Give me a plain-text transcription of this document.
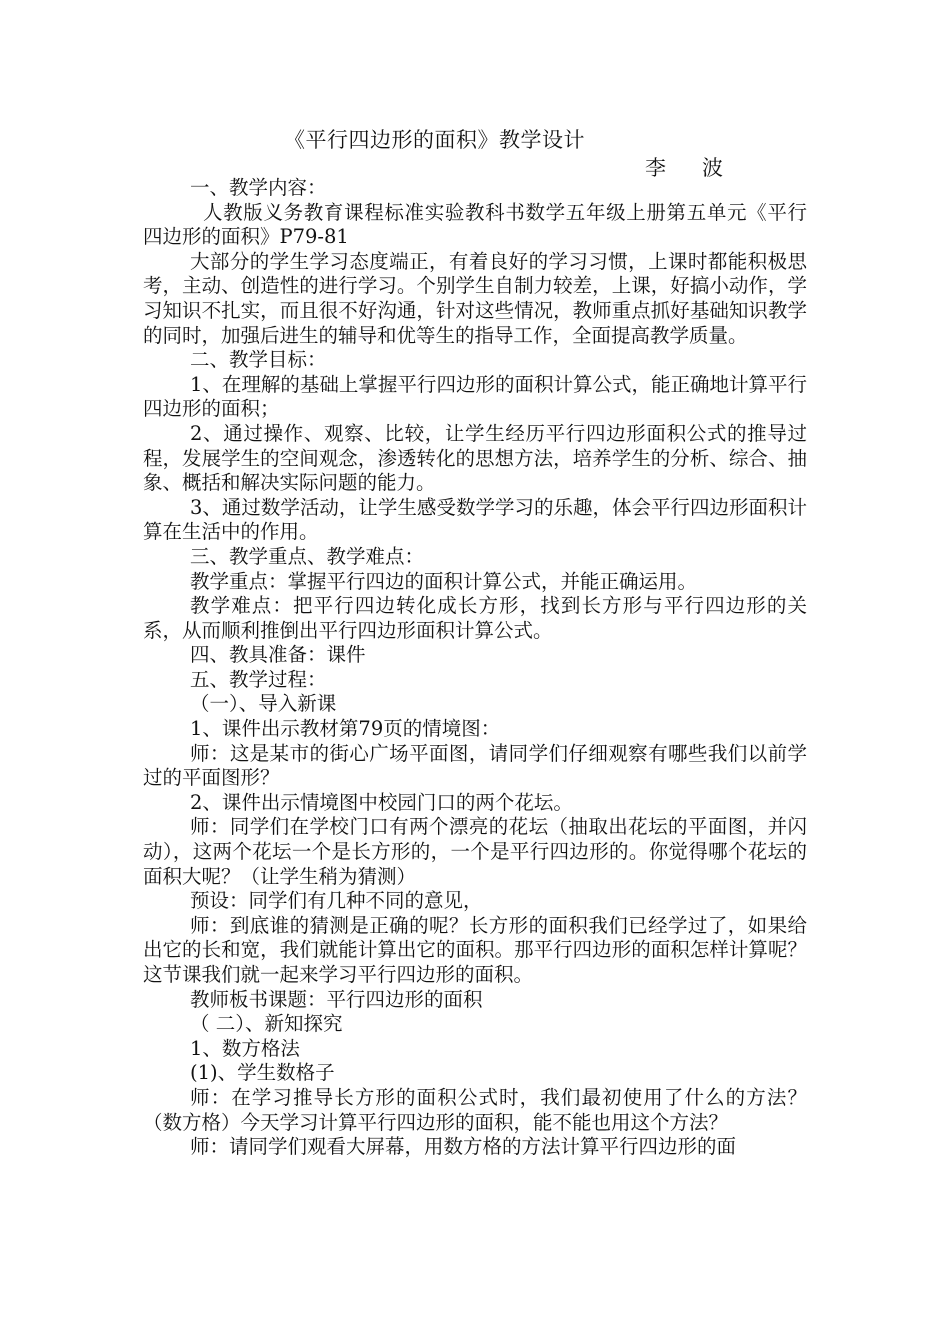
《平行四边形的面积》教学设计
李 波

一、教学内容：

人教版义务教育课程标准实验教科书数学五年级上册第五单元《平行四边形的面积》P79-81

大部分的学生学习态度端正，有着良好的学习习惯，上课时都能积极思考，主动、创造性的进行学习。个别学生自制力较差，上课，好搞小动作，学习知识不扎实，而且很不好沟通，针对这些情况，教师重点抓好基础知识教学的同时，加强后进生的辅导和优等生的指导工作，全面提高教学质量。

二、教学目标：

1、在理解的基础上掌握平行四边形的面积计算公式，能正确地计算平行四边形的面积；

2、通过操作、观察、比较，让学生经历平行四边形面积公式的推导过程，发展学生的空间观念，渗透转化的思想方法，培养学生的分析、综合、抽象、概括和解决实际问题的能力。

3、通过数学活动，让学生感受数学学习的乐趣，体会平行四边形面积计算在生活中的作用。

三、教学重点、教学难点：

教学重点：掌握平行四边的面积计算公式，并能正确运用。

教学难点：把平行四边转化成长方形，找到长方形与平行四边形的关系，从而顺利推倒出平行四边形面积计算公式。

四、教具准备：课件

五、教学过程：

（一）、导入新课

1、课件出示教材第79页的情境图：

师：这是某市的街心广场平面图，请同学们仔细观察有哪些我们以前学过的平面图形？

2、课件出示情境图中校园门口的两个花坛。

师：同学们在学校门口有两个漂亮的花坛（抽取出花坛的平面图，并闪动），这两个花坛一个是长方形的，一个是平行四边形的。你觉得哪个花坛的面积大呢？（让学生稍为猜测）

预设：同学们有几种不同的意见，

师：到底谁的猜测是正确的呢？长方形的面积我们已经学过了，如果给出它的长和宽，我们就能计算出它的面积。那平行四边形的面积怎样计算呢？这节课我们就一起来学习平行四边形的面积。

教师板书课题：平行四边形的面积

（ 二）、新知探究

1、数方格法

(1)、学生数格子

师：在学习推导长方形的面积公式时，我们最初使用了什么的方法？（数方格）今天学习计算平行四边形的面积，能不能也用这个方法？

师：请同学们观看大屏幕，用数方格的方法计算平行四边形的面
